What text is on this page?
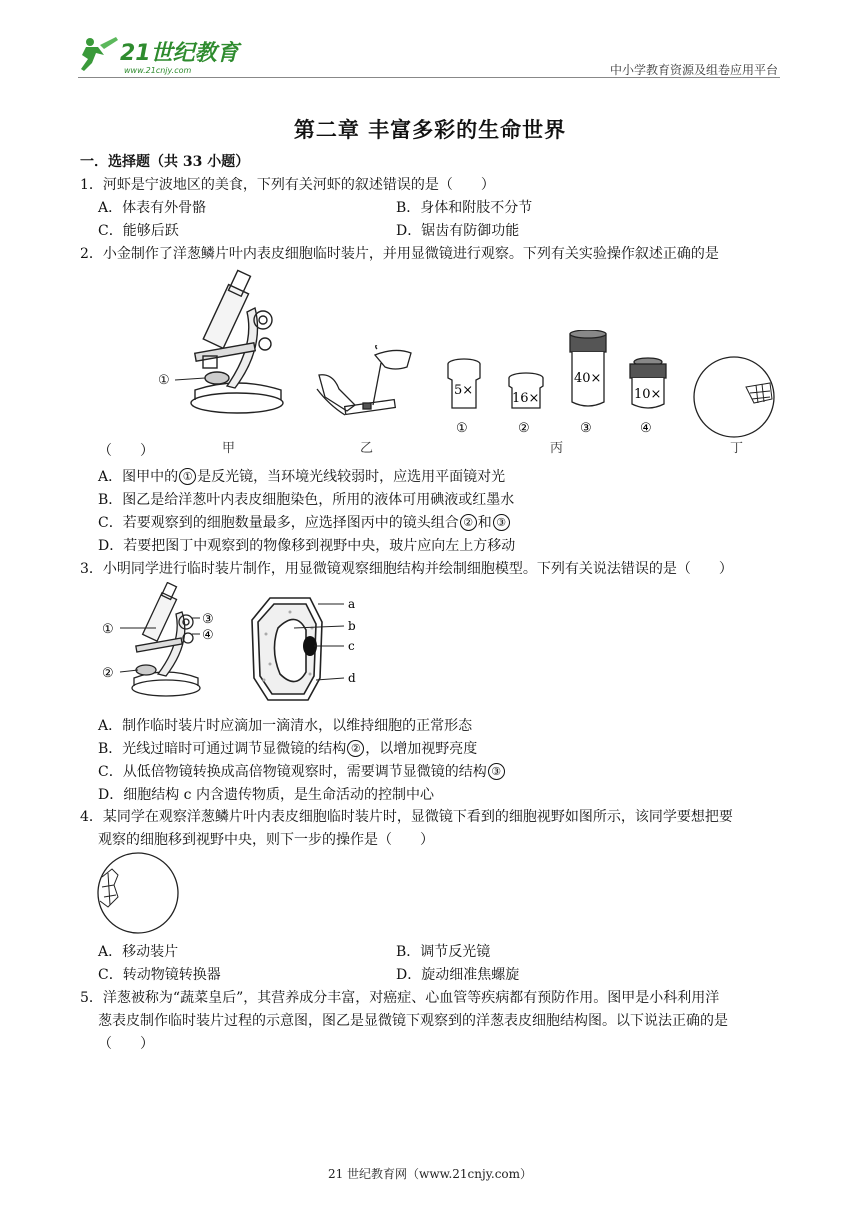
21世纪教育
www.21cnjy.com	中小学教育资源及组卷应用平台
第二章 丰富多彩的生命世界
一．选择题（共 33 小题）
1．河虾是宁波地区的美食，下列有关河虾的叙述错误的是（　　）
A．体表有外骨骼	B．身体和附肢不分节
C．能够后跃	D．锯齿有防御功能
2．小金制作了洋葱鳞片叶内表皮细胞临时装片，并用显微镜进行观察。下列有关实验操作叙述正确的是
①
甲	乙
5×
16×
40×
10×
①	②	③	④
丙	丁
（　　）
A．图甲中的 ① 是反光镜，当环境光线较弱时，应选用平面镜对光
B．图乙是给洋葱叶内表皮细胞染色，所用的液体可用碘液或红墨水
C．若要观察到的细胞数量最多，应选择图丙中的镜头组合 ② 和 ③
D．若要把图丁中观察到的物像移到视野中央，玻片应向左上方移动
3．小明同学进行临时装片制作，用显微镜观察细胞结构并绘制细胞模型。下列有关说法错误的是（　　）
①
②
③
④
a
b
c
d
A．制作临时装片时应滴加一滴清水，以维持细胞的正常形态
B．光线过暗时可通过调节显微镜的结构 ② ，以增加视野亮度
C．从低倍物镜转换成高倍物镜观察时，需要调节显微镜的结构 ③
D．细胞结构 c 内含遗传物质，是生命活动的控制中心
4．某同学在观察洋葱鳞片叶内表皮细胞临时装片时，显微镜下看到的细胞视野如图所示，该同学要想把要
观察的细胞移到视野中央，则下一步的操作是（　　）
A．移动装片	B．调节反光镜
C．转动物镜转换器	D．旋动细准焦螺旋
5．洋葱被称为“蔬菜皇后”，其营养成分丰富，对癌症、心血管等疾病都有预防作用。图甲是小科利用洋
葱表皮制作临时装片过程的示意图，图乙是显微镜下观察到的洋葱表皮细胞结构图。以下说法正确的是
（　　）
21 世纪教育网（www.21cnjy.com）
